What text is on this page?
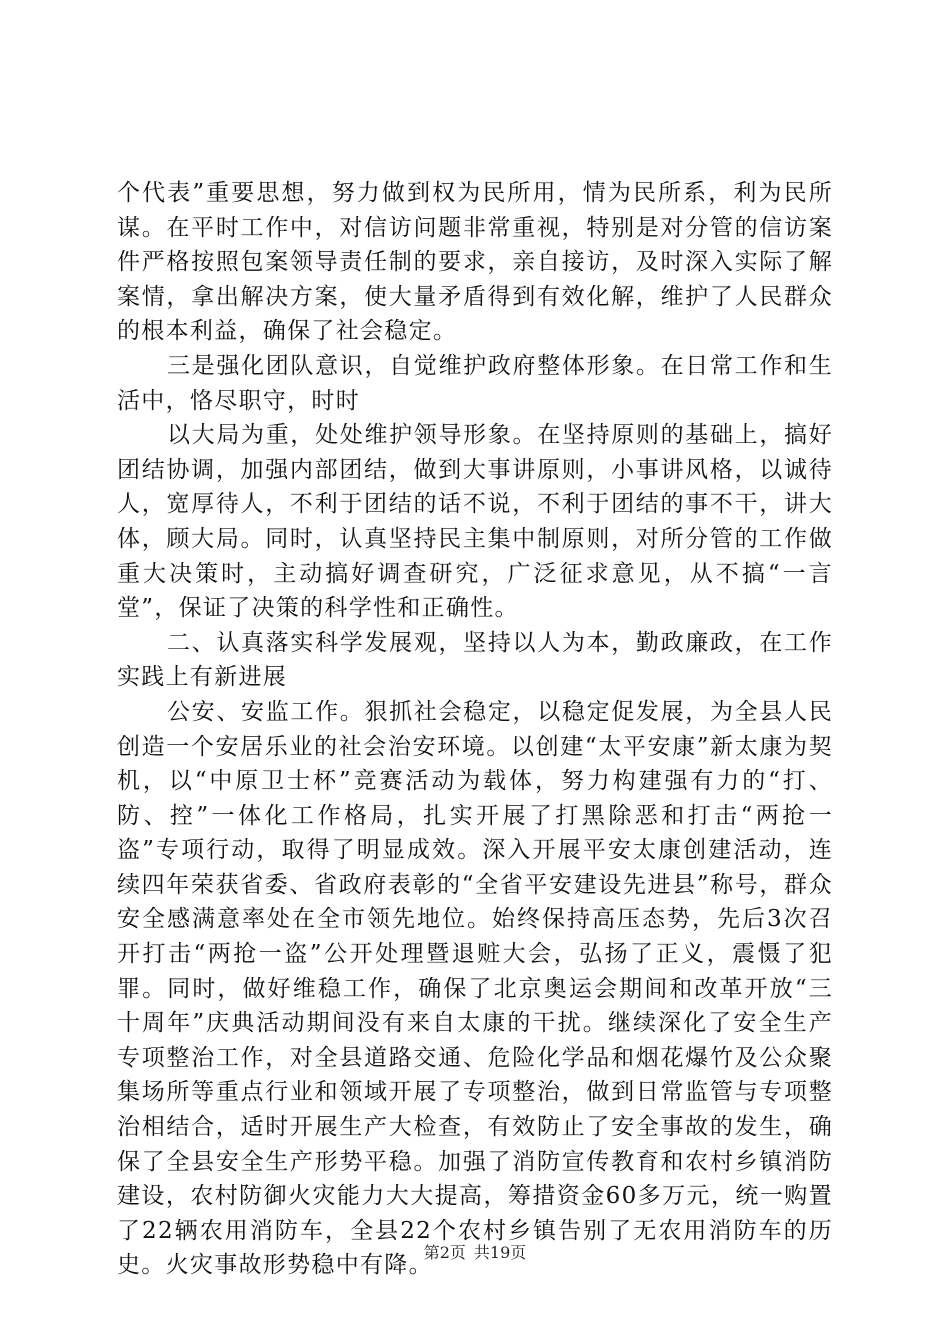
个代表”重要思想，努力做到权为民所用，情为民所系，利为民所谋。在平时工作中，对信访问题非常重视，特别是对分管的信访案件严格按照包案领导责任制的要求，亲自接访，及时深入实际了解案情，拿出解决方案，使大量矛盾得到有效化解，维护了人民群众的根本利益，确保了社会稳定。

三是强化团队意识，自觉维护政府整体形象。在日常工作和生活中，恪尽职守，时时

以大局为重，处处维护领导形象。在坚持原则的基础上，搞好团结协调，加强内部团结，做到大事讲原则，小事讲风格，以诚待人，宽厚待人，不利于团结的话不说，不利于团结的事不干，讲大体，顾大局。同时，认真坚持民主集中制原则，对所分管的工作做重大决策时，主动搞好调查研究，广泛征求意见，从不搞“一言堂”，保证了决策的科学性和正确性。

二、认真落实科学发展观，坚持以人为本，勤政廉政，在工作实践上有新进展

公安、安监工作。狠抓社会稳定，以稳定促发展，为全县人民创造一个安居乐业的社会治安环境。以创建“太平安康”新太康为契机，以“中原卫士杯”竞赛活动为载体，努力构建强有力的“打、防、控”一体化工作格局，扎实开展了打黑除恶和打击“两抢一盗”专项行动，取得了明显成效。深入开展平安太康创建活动，连续四年荣获省委、省政府表彰的“全省平安建设先进县”称号，群众安全感满意率处在全市领先地位。始终保持高压态势，先后3次召开打击“两抢一盗”公开处理暨退赃大会，弘扬了正义，震慑了犯罪。同时，做好维稳工作，确保了北京奥运会期间和改革开放“三十周年”庆典活动期间没有来自太康的干扰。继续深化了安全生产专项整治工作，对全县道路交通、危险化学品和烟花爆竹及公众聚集场所等重点行业和领域开展了专项整治，做到日常监管与专项整治相结合，适时开展生产大检查，有效防止了安全事故的发生，确保了全县安全生产形势平稳。加强了消防宣传教育和农村乡镇消防建设，农村防御火灾能力大大提高，筹措资金60多万元，统一购置了22辆农用消防车，全县22个农村乡镇告别了无农用消防车的历史。火灾事故形势稳中有降。

第2页 共19页
